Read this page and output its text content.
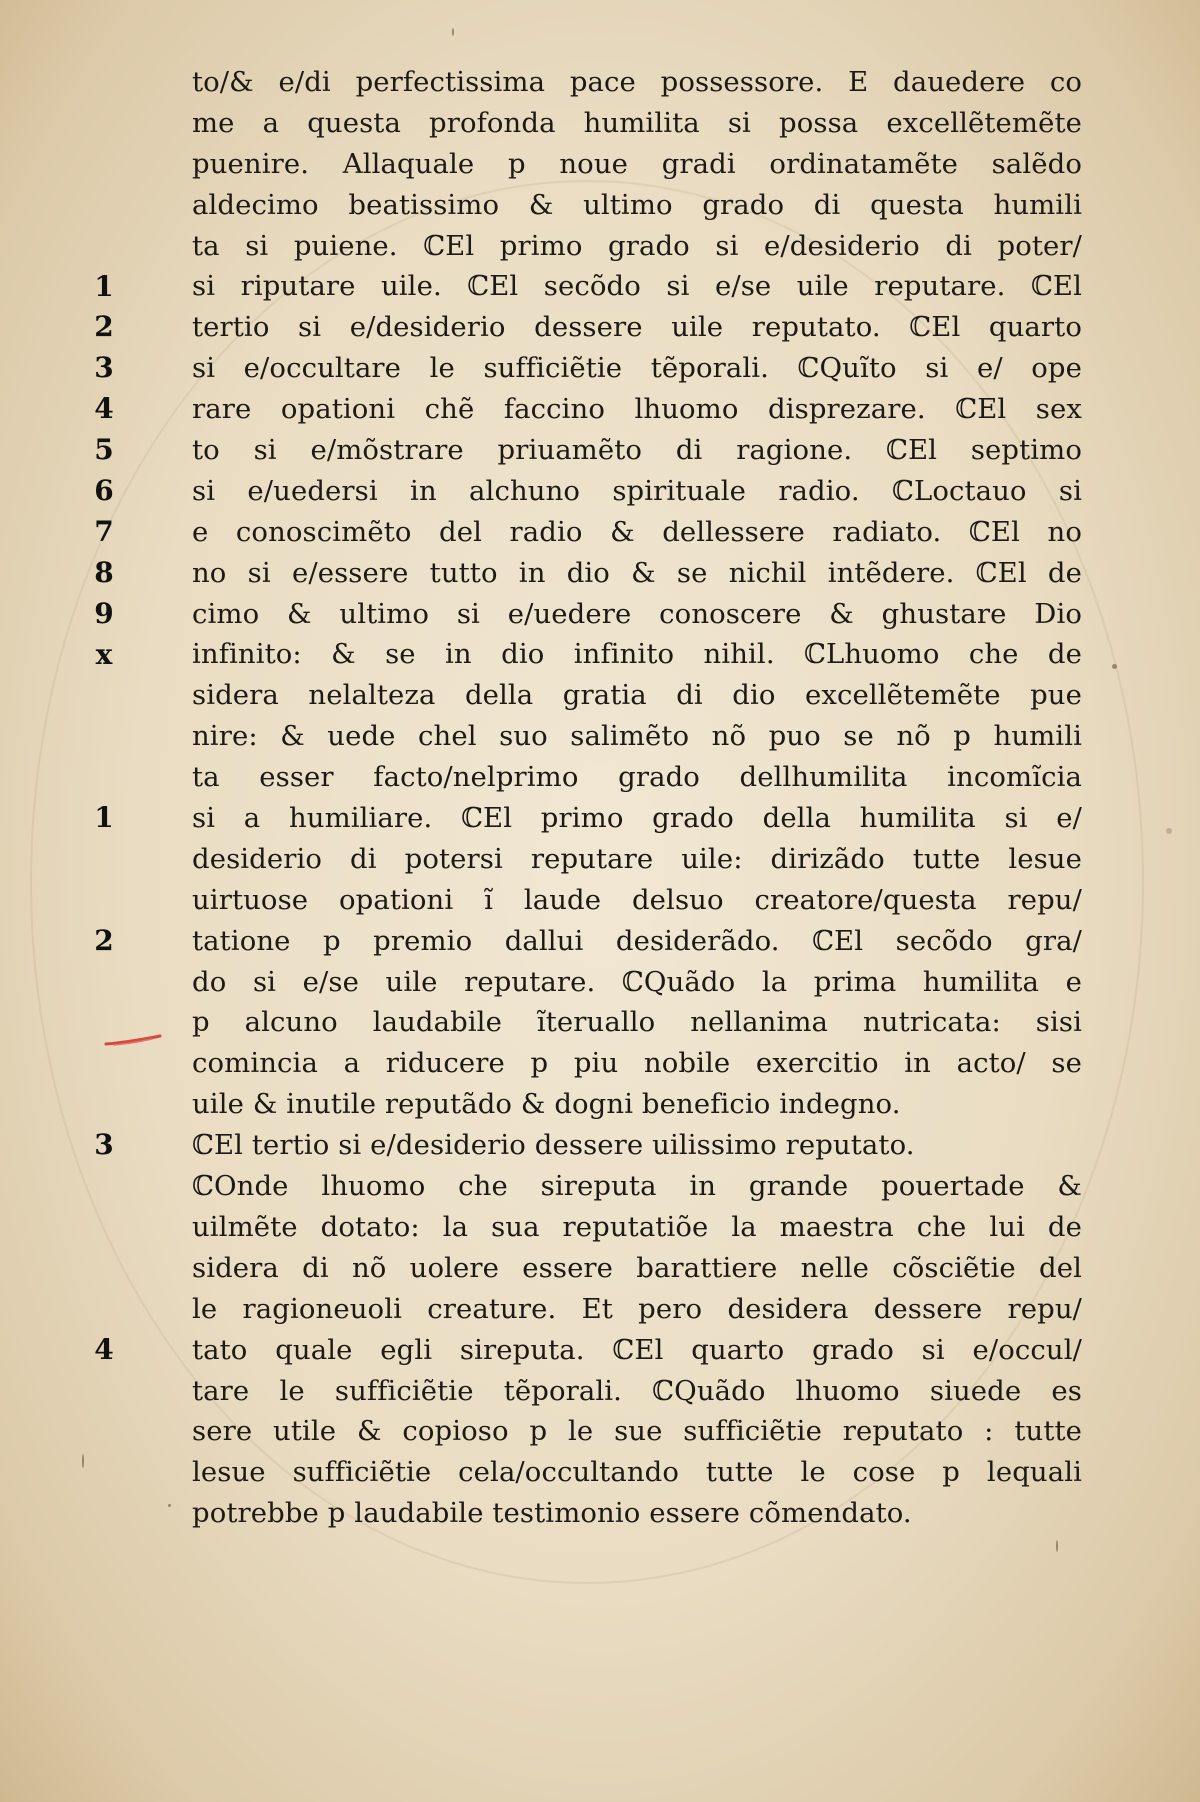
1
2
3
4
5
6
7
8
9
x
1
2
3
4
to/& e/di perfectissima pace possessore. E dauedere co
me a questa profonda humilita si possa excellẽtemẽte
puenire. Allaquale p noue gradi ordinatamẽte salẽdo
aldecimo beatissimo & ultimo grado di questa humili
ta si puiene. ℂEl primo grado si e/desiderio di poter/
si riputare uile. ℂEl secõdo si e/se uile reputare. ℂEl
tertio si e/desiderio dessere uile reputato. ℂEl quarto
si e/occultare le sufficiẽtie tẽporali. ℂQuĩto si e/ ope
rare opationi chẽ faccino lhuomo disprezare. ℂEl sex
to si e/mõstrare priuamẽto di ragione. ℂEl septimo
si e/uedersi in alchuno spirituale radio. ℂLoctauo si
e conoscimẽto del radio & dellessere radiato. ℂEl no
no si e/essere tutto in dio & se nichil intẽdere. ℂEl de
cimo & ultimo si e/uedere conoscere & ghustare Dio
infinito: & se in dio infinito nihil. ℂLhuomo che de
sidera nelalteza della gratia di dio excellẽtemẽte pue
nire: & uede chel suo salimẽto nõ puo se nõ p humili
ta esser facto/nelprimo grado dellhumilita incomĩcia
si a humiliare. ℂEl primo grado della humilita si e/
desiderio di potersi reputare uile: dirizãdo tutte lesue
uirtuose opationi ĩ laude delsuo creatore/questa repu/
tatione p premio dallui desiderãdo. ℂEl secõdo gra/
do si e/se uile reputare. ℂQuãdo la prima humilita e
p alcuno laudabile ĩteruallo nellanima nutricata: sisi
comincia a riducere p piu nobile exercitio in acto/ se
uile & inutile reputãdo & dogni beneficio indegno.
ℂEl tertio si e/desiderio dessere uilissimo reputato.
ℂOnde lhuomo che sireputa in grande pouertade &
uilmẽte dotato: la sua reputatiõe la maestra che lui de
sidera di nõ uolere essere barattiere nelle cõsciẽtie del
le ragioneuoli creature. Et pero desidera dessere repu/
tato quale egli sireputa. ℂEl quarto grado si e/occul/
tare le sufficiẽtie tẽporali. ℂQuãdo lhuomo siuede es
sere utile & copioso p le sue sufficiẽtie reputato : tutte
lesue sufficiẽtie cela/occultando tutte le cose p lequali
potrebbe p laudabile testimonio essere cõmendato.
